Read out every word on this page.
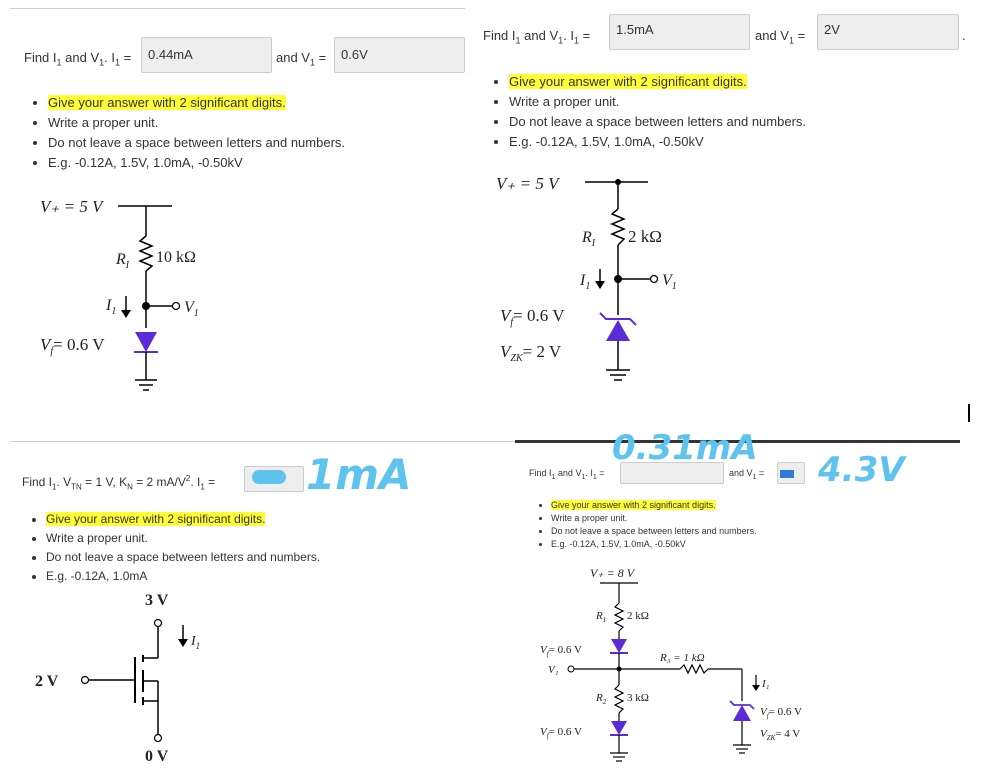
Find $I_1$ and $V_1$. $I_1$ =	0.44mA	and $V_1$ =	0.6V
• Give your answer with 2 significant digits.
• Write a proper unit.
• Do not leave a space between letters and numbers.
• E.g. -0.12A, 1.5V, 1.0mA, -0.50kV
V₊ = 5 V
$R_I$ 10 kΩ
$I_1$	$V_1$
$V_f= 0.6$ V
Find $I_1$ and $V_1$. $I_1$ =	1.5mA	and $V_1$ =	2V	.
• Give your answer with 2 significant digits.
• Write a proper unit.
• Do not leave a space between letters and numbers.
• E.g. -0.12A, 1.5V, 1.0mA, -0.50kV
V₊ = 5 V
$R_I$ 2 kΩ
$I_1$	$V_1$
$V_f= 0.6$ V
$V_{ZK}= 2$ V
Find $I_1$. $V_{TN} = 1$ V, $K_N = 2$ $mA/V^2$. $I_1 = 1mA$
• Give your answer with 2 significant digits.
• Write a proper unit.
• Do not leave a space between letters and numbers.
• E.g. -0.12A, 1.0mA
3 V
$I_1$
2 V
0 V
Find $I_1$ and $V_1$. $I_1$ =	and $V_1$ =
0.31mA
4.3V
• Give your answer with 2 significant digits.
• Write a proper unit.
• Do not leave a space between letters and numbers.
• E.g. -0.12A, 1.5V, 1.0mA, -0.50kV
V₊ = 8 V
$R_1$ 2 kΩ
$V_f= 0.6$ V
V₁
R₃ = 1 kΩ
I₁
$V_f= 0.6$ V
$V_{ZK}= 4$ V
$R_2$ 3 kΩ
$V_f= 0.6$ V
